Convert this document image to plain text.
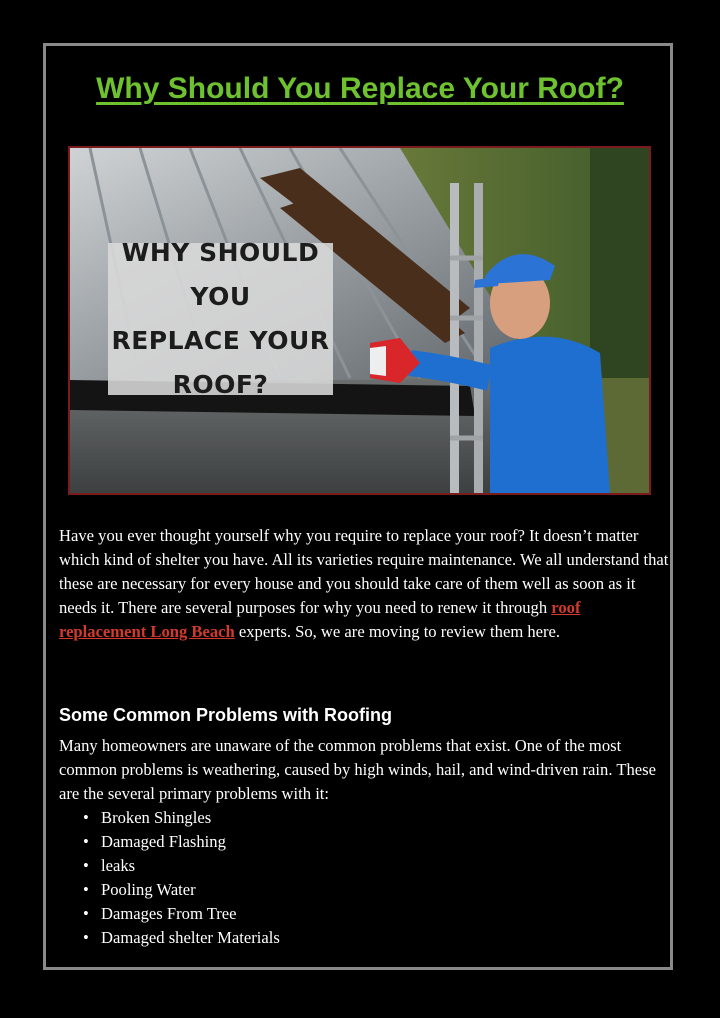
Why Should You Replace Your Roof?
WHY SHOULD YOU
REPLACE YOUR
ROOF?

Have you ever thought yourself why you require to replace your roof? It doesn’t matter which kind of shelter you have. All its varieties require maintenance. We all understand that these are necessary for every house and you should take care of them well as soon as it needs it. There are several purposes for why you need to renew it through roof replacement Long Beach experts. So, we are moving to review them here.

Some Common Problems with Roofing

Many homeowners are unaware of the common problems that exist. One of the most common problems is weathering, caused by high winds, hail, and wind-driven rain. These are the several primary problems with it:

• Broken Shingles
• Damaged Flashing
• leaks
• Pooling Water
• Damages From Tree
• Damaged shelter Materials
